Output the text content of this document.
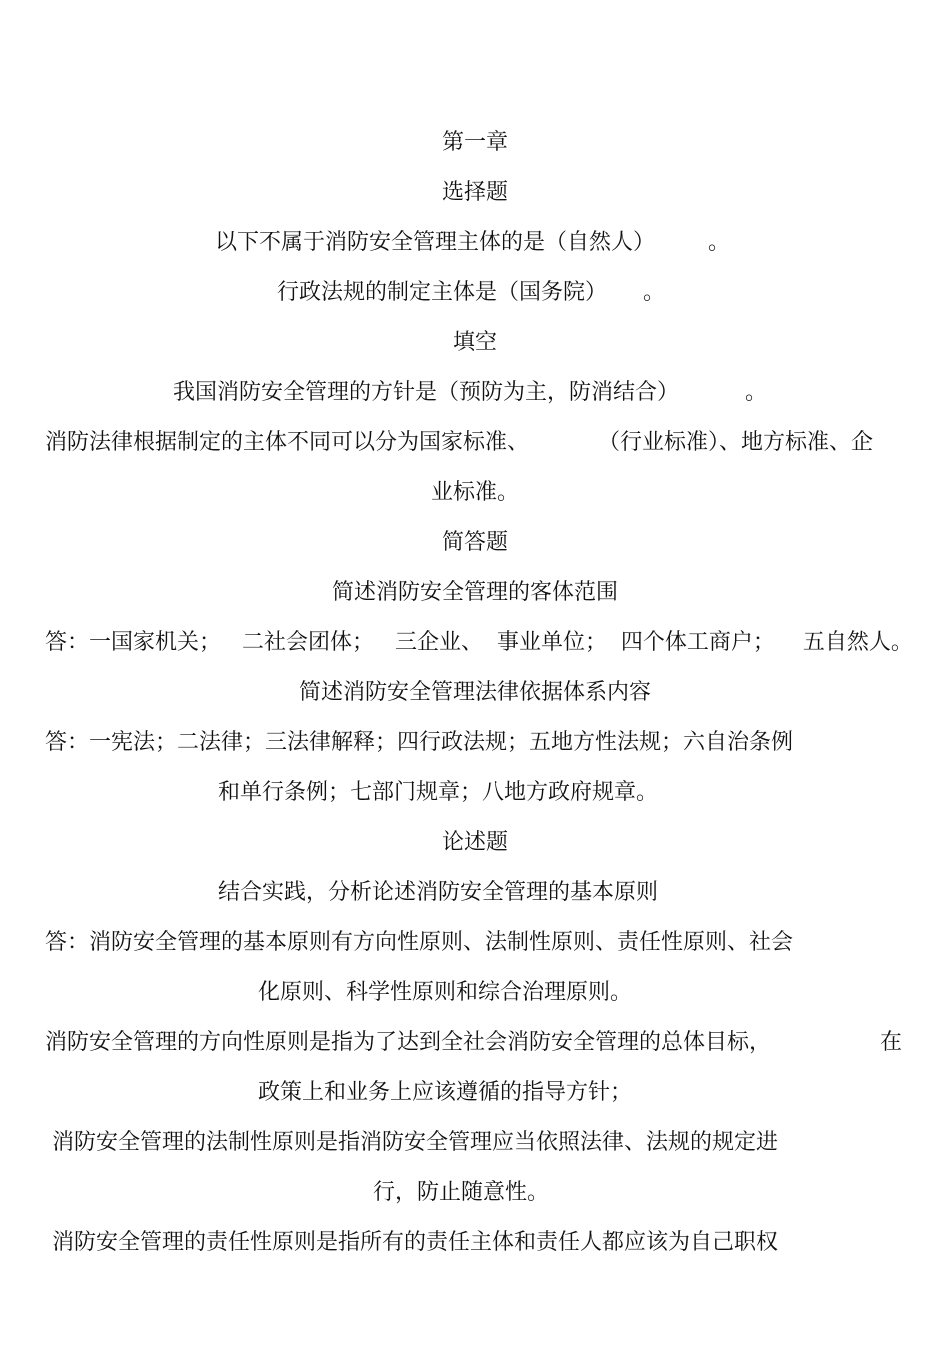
第一章
选择题
以下不属于消防安全管理主体的是（自然人） 。
行政法规的制定主体是（国务院） 。
填空
我国消防安全管理的方针是（预防为主，防消结合）	。
消防法律根据制定的主体不同可以分为国家标准、	（行业标准）、地方标准、企
业标准。
简答题
简述消防安全管理的客体范围
答：一国家机关；   二社会团体；   三企业、  事业单位；  四个体工商户；    五自然人。
简述消防安全管理法律依据体系内容
答：一宪法；二法律；三法律解释；四行政法规；五地方性法规；六自治条例
和单行条例；七部门规章；八地方政府规章。
论述题
结合实践，分析论述消防安全管理的基本原则
答：消防安全管理的基本原则有方向性原则、法制性原则、责任性原则、社会
化原则、科学性原则和综合治理原则。
消防安全管理的方向性原则是指为了达到全社会消防安全管理的总体目标，	在
政策上和业务上应该遵循的指导方针；
消防安全管理的法制性原则是指消防安全管理应当依照法律、法规的规定进
行，防止随意性。
消防安全管理的责任性原则是指所有的责任主体和责任人都应该为自己职权
